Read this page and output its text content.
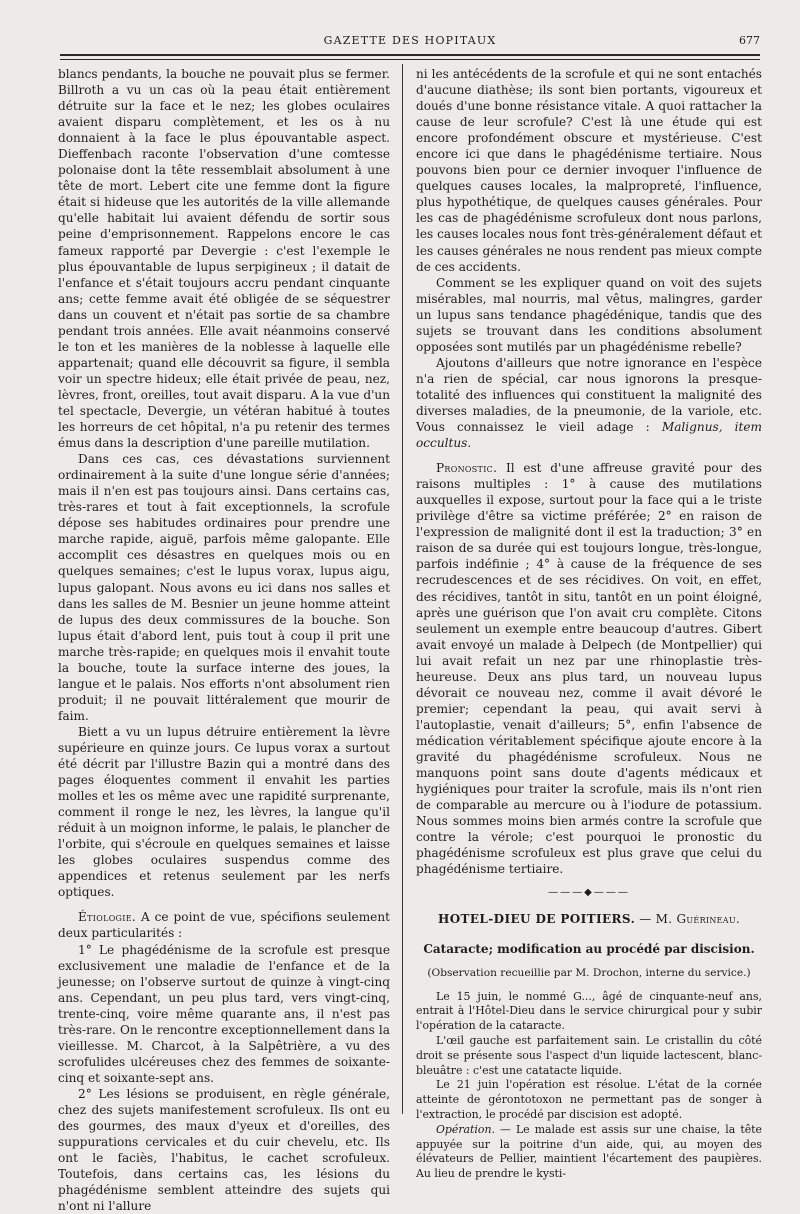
GAZETTE DES HOPITAUX	677

blancs pendants, la bouche ne pouvait plus se fermer. Billroth a vu un cas où la peau était entièrement détruite sur la face et le nez; les globes oculaires avaient disparu complètement, et les os à nu donnaient à la face le plus épouvantable aspect. Dieffenbach raconte l'observation d'une comtesse polonaise dont la tête ressemblait absolument à une tête de mort. Lebert cite une femme dont la figure était si hideuse que les autorités de la ville allemande qu'elle habitait lui avaient défendu de sortir sous peine d'emprisonnement. Rappelons encore le cas fameux rapporté par Devergie : c'est l'exemple le plus épouvantable de lupus serpigineux ; il datait de l'enfance et s'était toujours accru pendant cinquante ans; cette femme avait été obligée de se séquestrer dans un couvent et n'était pas sortie de sa chambre pendant trois années. Elle avait néanmoins conservé le ton et les manières de la noblesse à laquelle elle appartenait; quand elle découvrit sa figure, il sembla voir un spectre hideux; elle était privée de peau, nez, lèvres, front, oreilles, tout avait disparu. A la vue d'un tel spectacle, Devergie, un vétéran habitué à toutes les horreurs de cet hôpital, n'a pu retenir des termes émus dans la description d'une pareille mutilation.

Dans ces cas, ces dévastations surviennent ordinairement à la suite d'une longue série d'années; mais il n'en est pas toujours ainsi. Dans certains cas, très-rares et tout à fait exceptionnels, la scrofule dépose ses habitudes ordinaires pour prendre une marche rapide, aiguë, parfois même galopante. Elle accomplit ces désastres en quelques mois ou en quelques semaines; c'est le lupus vorax, lupus aigu, lupus galopant. Nous avons eu ici dans nos salles et dans les salles de M. Besnier un jeune homme atteint de lupus des deux commissures de la bouche. Son lupus était d'abord lent, puis tout à coup il prit une marche très-rapide; en quelques mois il envahit toute la bouche, toute la surface interne des joues, la langue et le palais. Nos efforts n'ont absolument rien produit; il ne pouvait littéralement que mourir de faim.

Biett a vu un lupus détruire entièrement la lèvre supérieure en quinze jours. Ce lupus vorax a surtout été décrit par l'illustre Bazin qui a montré dans des pages éloquentes comment il envahit les parties molles et les os même avec une rapidité surprenante, comment il ronge le nez, les lèvres, la langue qu'il réduit à un moignon informe, le palais, le plancher de l'orbite, qui s'écroule en quelques semaines et laisse les globes oculaires suspendus comme des appendices et retenus seulement par les nerfs optiques.

Étiologie. A ce point de vue, spécifions seulement deux particularités :

1° Le phagédénisme de la scrofule est presque exclusivement une maladie de l'enfance et de la jeunesse; on l'observe surtout de quinze à vingt-cinq ans. Cependant, un peu plus tard, vers vingt-cinq, trente-cinq, voire même quarante ans, il n'est pas très-rare. On le rencontre exceptionnellement dans la vieillesse. M. Charcot, à la Salpêtrière, a vu des scrofulides ulcéreuses chez des femmes de soixante-cinq et soixante-sept ans.

2° Les lésions se produisent, en règle générale, chez des sujets manifestement scrofuleux. Ils ont eu des gourmes, des maux d'yeux et d'oreilles, des suppurations cervicales et du cuir chevelu, etc. Ils ont le faciès, l'habitus, le cachet scrofuleux. Toutefois, dans certains cas, les lésions du phagédénisme semblent atteindre des sujets qui n'ont ni l'allure

ni les antécédents de la scrofule et qui ne sont entachés d'aucune diathèse; ils sont bien portants, vigoureux et doués d'une bonne résistance vitale. A quoi rattacher la cause de leur scrofule? C'est là une étude qui est encore profondément obscure et mystérieuse. C'est encore ici que dans le phagédénisme tertiaire. Nous pouvons bien pour ce dernier invoquer l'influence de quelques causes locales, la malpropreté, l'influence, plus hypothétique, de quelques causes générales. Pour les cas de phagédénisme scrofuleux dont nous parlons, les causes locales nous font très-généralement défaut et les causes générales ne nous rendent pas mieux compte de ces accidents.

Comment se les expliquer quand on voit des sujets misérables, mal nourris, mal vêtus, malingres, garder un lupus sans tendance phagédénique, tandis que des sujets se trouvant dans les conditions absolument opposées sont mutilés par un phagédénisme rebelle?

Ajoutons d'ailleurs que notre ignorance en l'espèce n'a rien de spécial, car nous ignorons la presque-totalité des influences qui constituent la malignité des diverses maladies, de la pneumonie, de la variole, etc. Vous connaissez le vieil adage : Malignus, item occultus.

Pronostic. Il est d'une affreuse gravité pour des raisons multiples : 1° à cause des mutilations auxquelles il expose, surtout pour la face qui a le triste privilège d'être sa victime préférée; 2° en raison de l'expression de malignité dont il est la traduction; 3° en raison de sa durée qui est toujours longue, très-longue, parfois indéfinie ; 4° à cause de la fréquence de ses recrudescences et de ses récidives. On voit, en effet, des récidives, tantôt in situ, tantôt en un point éloigné, après une guérison que l'on avait cru complète. Citons seulement un exemple entre beaucoup d'autres. Gibert avait envoyé un malade à Delpech (de Montpellier) qui lui avait refait un nez par une rhinoplastie très-heureuse. Deux ans plus tard, un nouveau lupus dévorait ce nouveau nez, comme il avait dévoré le premier; cependant la peau, qui avait servi à l'autoplastie, venait d'ailleurs; 5°, enfin l'absence de médication véritablement spécifique ajoute encore à la gravité du phagédénisme scrofuleux. Nous ne manquons point sans doute d'agents médicaux et hygiéniques pour traiter la scrofule, mais ils n'ont rien de comparable au mercure ou à l'iodure de potassium. Nous sommes moins bien armés contre la scrofule que contre la vérole; c'est pourquoi le pronostic du phagédénisme scrofuleux est plus grave que celui du phagédénisme tertiaire.

———◆———
HOTEL-DIEU DE POITIERS. — M. Guérineau.
Cataracte; modification au procédé par discision.
(Observation recueillie par M. Drochon, interne du service.)

Le 15 juin, le nommé G..., âgé de cinquante-neuf ans, entrait à l'Hôtel-Dieu dans le service chirurgical pour y subir l'opération de la cataracte.

L'œil gauche est parfaitement sain. Le cristallin du côté droit se présente sous l'aspect d'un liquide lactescent, blanc-bleuâtre : c'est une catatacte liquide.

Le 21 juin l'opération est résolue. L'état de la cornée atteinte de gérontotoxon ne permettant pas de songer à l'extraction, le procédé par discision est adopté.

Opération. — Le malade est assis sur une chaise, la tête appuyée sur la poitrine d'un aide, qui, au moyen des élévateurs de Pellier, maintient l'écartement des paupières. Au lieu de prendre le kysti-
